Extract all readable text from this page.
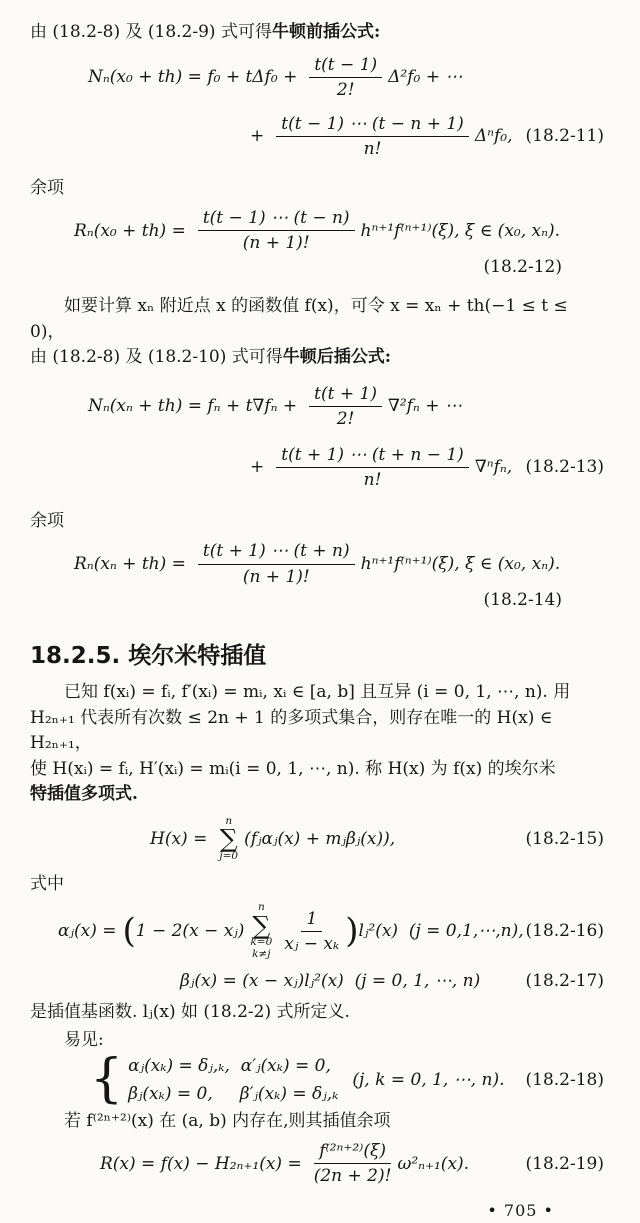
由 (18.2-8) 及 (18.2-9) 式可得牛顿前插公式:

$N_n(x_0 + th) = f_0 + t\Delta f_0 + \frac{t(t - 1)}{2!} \Delta^2f_0$ + ⋯
+ $\frac{t(t - 1) \cdots (t - n + 1)}{n!} \Delta^nf_0$, (18.2-11)

余项

$R_n(x_0 + th) = \frac{t(t - 1) \cdots (t - n)}{(n + 1)!} h^{n+1}f^{(n+1)}(\xi)$, ξ ∈ (x₀, xₙ).

(18.2-12)

如要计算 xₙ 附近点 x 的函数值 f(x)，可令 x = xₙ + th(−1 ≤ t ≤ 0)，

由 (18.2-8) 及 (18.2-10) 式可得牛顿后插公式:

$N_n(x_n + th) = f_n + t\nabla f_n + \frac{t(t + 1)}{2!} \nabla^2f_n$ + ⋯
+ $\frac{t(t + 1) \cdots (t + n - 1)}{n!} \nabla^nf_n$, (18.2-13)

余项

$R_n(x_n + th) = \frac{t(t + 1) \cdots (t + n)}{(n + 1)!} h^{n+1}f^{(n+1)}(\xi)$, ξ ∈ (x₀, xₙ).

(18.2-14)

18.2.5. 埃尔米特插值

已知 f(xᵢ) = fᵢ, f′(xᵢ) = mᵢ, xᵢ ∈ [a, b] 且互异 (i = 0, 1, ⋯, n). 用

H₂ₙ₊₁ 代表所有次数 ≤ 2n + 1 的多项式集合，则存在唯一的 H(x) ∈ H₂ₙ₊₁，

使 H(xᵢ) = fᵢ, H′(xᵢ) = mᵢ(i = 0, 1, ⋯, n). 称 H(x) 为 f(x) 的埃尔米

特插值多项式.

H(x) =
n
∑
j=0
(fⱼαⱼ(x) + mⱼβⱼ(x)),	(18.2-15)

式中

αⱼ(x) = ( 1 − 2(x − xⱼ)
n
∑
k=0
$k\ne j \frac{1}{\text{xⱼ − xₖ}}$ ) lⱼ²(x)  (j = 0,1,⋯,n), (18.2-16)
βⱼ(x) = (x − xⱼ)lⱼ²(x)  (j = 0, 1, ⋯, n)	(18.2-17)

是插值基函数. lⱼ(x) 如 (18.2-2) 式所定义.

易见:

{ αⱼ(xₖ) = δⱼ,ₖ,  α′ⱼ(xₖ) = 0,
βⱼ(xₖ) = 0,     β′ⱼ(xₖ) = δⱼ,ₖ
(j, k = 0, 1, ⋯, n). (18.2-18)

若 f⁽²ⁿ⁺²⁾(x) 在 (a, b) 内存在,则其插值余项

$R(x) = f(x) - H_{2n+1}(x) = \frac{\text{f⁽²ⁿ⁺²⁾(ξ)}}{(2n + 2)!} \omega^2_{n+1}(x)$.	(18.2-19)

• 705 •
